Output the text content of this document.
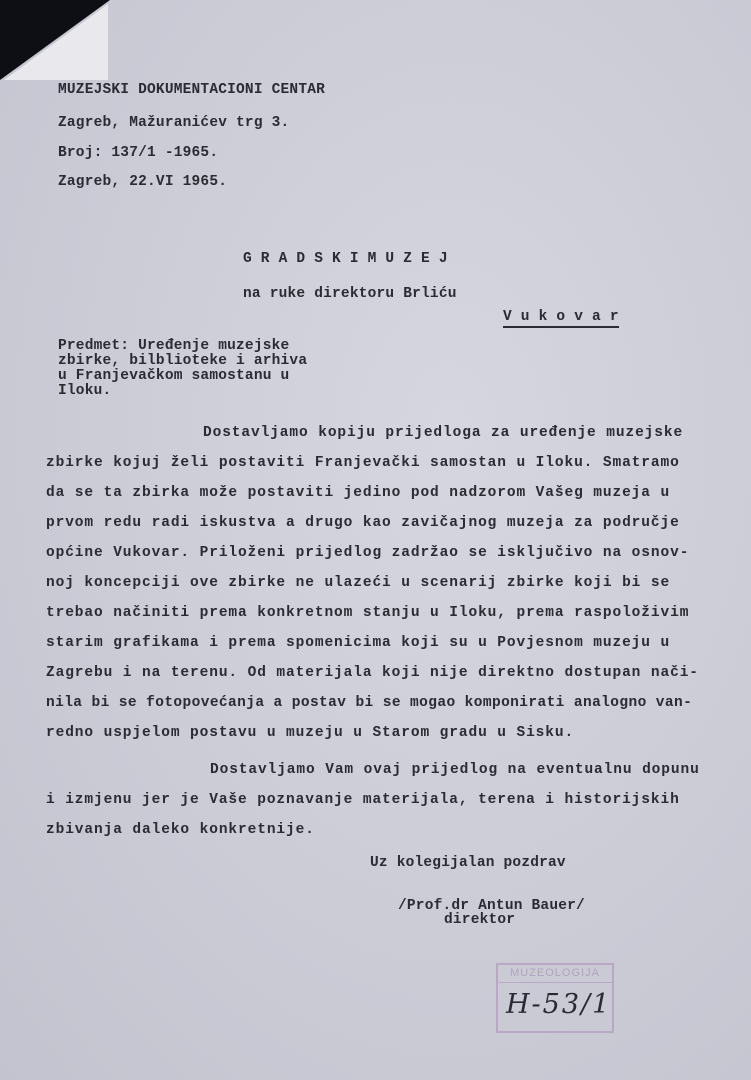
MUZEJSKI DOKUMENTACIONI CENTAR
Zagreb, Mažuranićev trg 3.
Broj: 137/1 -1965.
Zagreb, 22.VI 1965.
G R A D S K I M U Z E J
na ruke direktoru Brliću
V u k o v a r
Predmet: Uređenje muzejske
zbirke, bilblioteke i arhiva
u Franjevačkom samostanu u
Iloku.
Dostavljamo kopiju prijedloga za uređenje muzejske
zbirke kojuj želi postaviti Franjevački samostan u Iloku. Smatramo
da se ta zbirka može postaviti jedino pod nadzorom Vašeg muzeja u
prvom redu radi iskustva a drugo kao zavičajnog muzeja za područje
općine Vukovar. Priloženi prijedlog zadržao se isključivo na osnov-
noj koncepciji ove zbirke ne ulazeći u scenarij zbirke koji bi se
trebao načiniti prema konkretnom stanju u Iloku, prema raspoloživim
starim grafikama i prema spomenicima koji su u Povjesnom muzeju u
Zagrebu i na terenu. Od materijala koji nije direktno dostupan nači-
nila bi se fotopovećanja a postav bi se mogao komponirati analogno van-
redno uspjelom postavu u muzeju u Starom gradu u Sisku.
Dostavljamo Vam ovaj prijedlog na eventualnu dopunu
i izmjenu jer je Vaše poznavanje materijala, terena i historijskih
zbivanja daleko konkretnije.
Uz kolegijalan pozdrav
/Prof.dr Antun Bauer/
direktor
MUZEOLOGIJA
H-53/1
